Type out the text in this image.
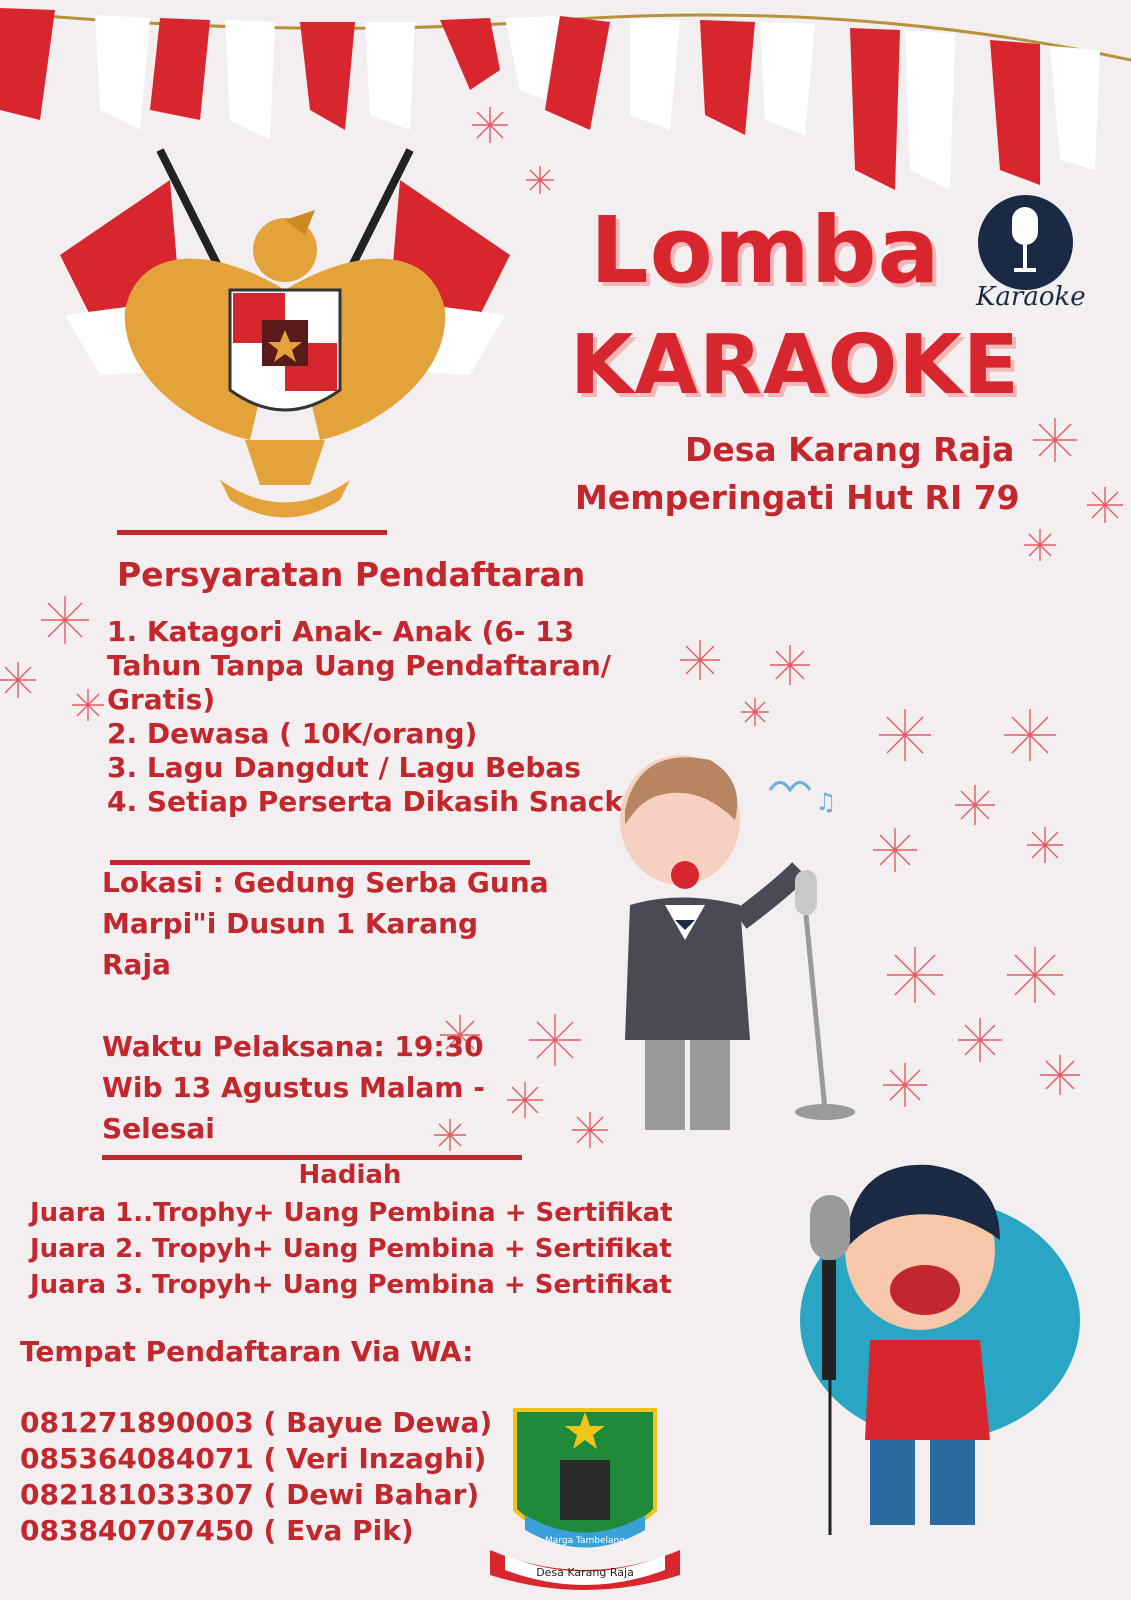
Lomba
KARAOKE
Karaoke
Desa Karang Raja
Memperingati Hut RI 79
Persyaratan Pendaftaran
1. Katagori Anak- Anak (6- 13
Tahun Tanpa Uang Pendaftaran/
Gratis)
2. Dewasa ( 10K/orang)
3. Lagu Dangdut / Lagu Bebas
4. Setiap Perserta Dikasih Snack
Lokasi : Gedung Serba Guna
Marpi"i Dusun 1 Karang
Raja
Waktu Pelaksana: 19:30
Wib 13 Agustus Malam -
Selesai
Hadiah
Juara 1..Trophy+ Uang Pembina + Sertifikat
Juara 2. Tropyh+ Uang Pembina + Sertifikat
Juara 3. Tropyh+ Uang Pembina + Sertifikat
Tempat Pendaftaran Via WA:
081271890003 ( Bayue Dewa)
085364084071 ( Veri Inzaghi)
082181033307 ( Dewi Bahar)
083840707450 ( Eva Pik)	Marga Tambelang
Desa Karang Raja
♫
